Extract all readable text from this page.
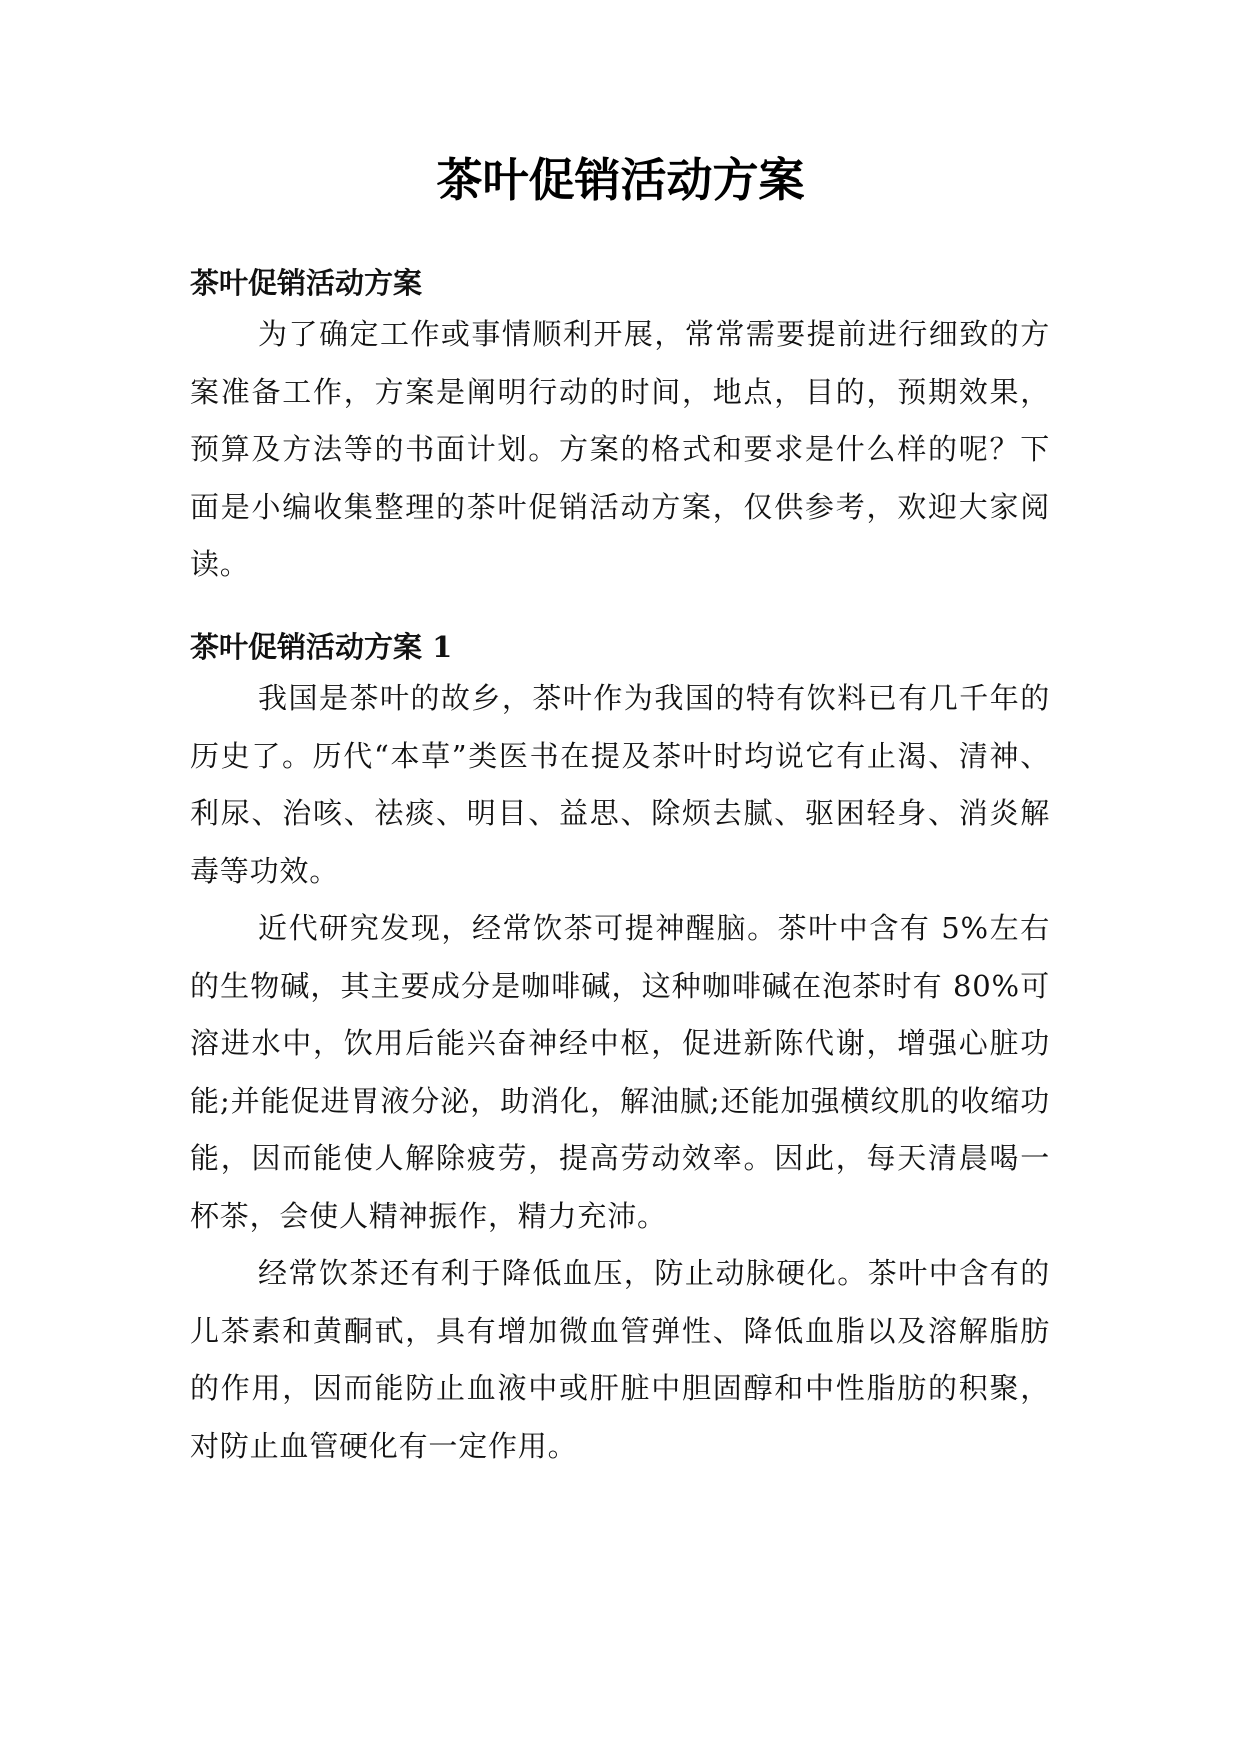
茶叶促销活动方案
茶叶促销活动方案

为了确定工作或事情顺利开展，常常需要提前进行细致的方案准备工作，方案是阐明行动的时间，地点，目的，预期效果，预算及方法等的书面计划。方案的格式和要求是什么样的呢？下面是小编收集整理的茶叶促销活动方案，仅供参考，欢迎大家阅读。

茶叶促销活动方案 1

我国是茶叶的故乡，茶叶作为我国的特有饮料已有几千年的历史了。历代“本草”类医书在提及茶叶时均说它有止渴、清神、利尿、治咳、祛痰、明目、益思、除烦去腻、驱困轻身、消炎解毒等功效。

近代研究发现，经常饮茶可提神醒脑。茶叶中含有 5%左右的生物碱，其主要成分是咖啡碱，这种咖啡碱在泡茶时有 80%可溶进水中，饮用后能兴奋神经中枢，促进新陈代谢，增强心脏功能;并能促进胃液分泌，助消化，解油腻;还能加强横纹肌的收缩功能，因而能使人解除疲劳，提高劳动效率。因此，每天清晨喝一杯茶，会使人精神振作，精力充沛。

经常饮茶还有利于降低血压，防止动脉硬化。茶叶中含有的儿茶素和黄酮甙，具有增加微血管弹性、降低血脂以及溶解脂肪的作用，因而能防止血液中或肝脏中胆固醇和中性脂肪的积聚，对防止血管硬化有一定作用。
